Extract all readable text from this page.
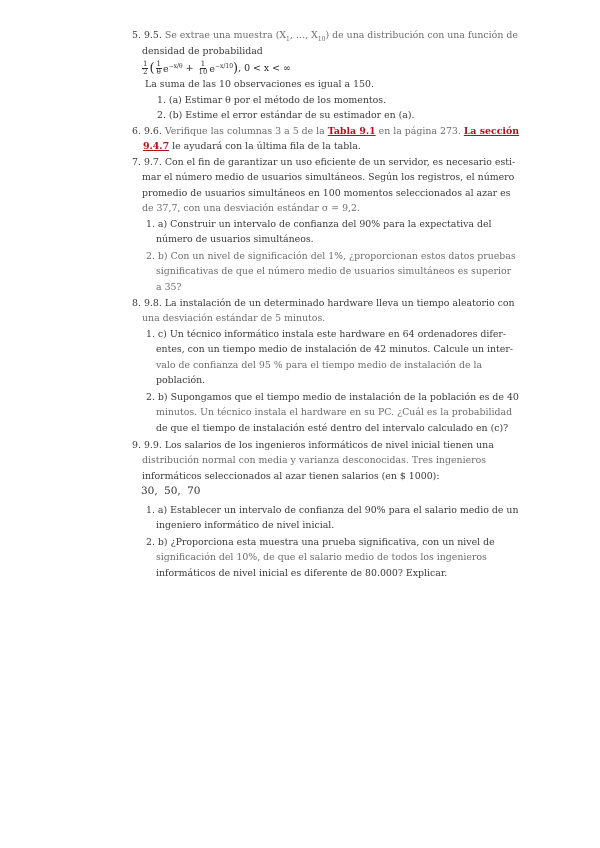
5. 9.5. Se extrae una muestra ($X_1$, …, $X_{10}$) de una distribución con una función de
densidad de probabilidad
$\frac{1}{2}$ ( $\frac{1}{\theta} e^{-x/\theta} + \frac{1}{10} e^{-x/10}$ ) , 0 < x < ∞
La suma de las 10 observaciones es igual a 150.
1. (a) Estimar θ por el método de los momentos.
2. (b) Estime el error estándar de su estimador en (a).
6. 9.6. Verifique las columnas 3 a 5 de la Tabla 9.1 en la página 273. La sección
9.4.7 le ayudará con la última fila de la tabla.
7. 9.7. Con el fin de garantizar un uso eficiente de un servidor, es necesario esti-
mar el número medio de usuarios simultáneos. Según los registros, el número
promedio de usuarios simultáneos en 100 momentos seleccionados al azar es
de 37,7, con una desviación estándar σ = 9,2.
1. a) Construir un intervalo de confianza del 90% para la expectativa del
número de usuarios simultáneos.
2. b) Con un nivel de significación del 1%, ¿proporcionan estos datos pruebas
significativas de que el número medio de usuarios simultáneos es superior
a 35?
8. 9.8. La instalación de un determinado hardware lleva un tiempo aleatorio con
una desviación estándar de 5 minutos.
1. c) Un técnico informático instala este hardware en 64 ordenadores difer-
entes, con un tiempo medio de instalación de 42 minutos. Calcule un inter-
valo de confianza del 95 % para el tiempo medio de instalación de la
población.
2. b) Supongamos que el tiempo medio de instalación de la población es de 40
minutos. Un técnico instala el hardware en su PC. ¿Cuál es la probabilidad
de que el tiempo de instalación esté dentro del intervalo calculado en (c)?
9. 9.9. Los salarios de los ingenieros informáticos de nivel inicial tienen una
distribución normal con media y varianza desconocidas. Tres ingenieros
informáticos seleccionados al azar tienen salarios (en $ 1000):
30, 50, 70
1. a) Establecer un intervalo de confianza del 90% para el salario medio de un
ingeniero informático de nivel inicial.
2. b) ¿Proporciona esta muestra una prueba significativa, con un nivel de
significación del 10%, de que el salario medio de todos los ingenieros
informáticos de nivel inicial es diferente de 80.000? Explicar.
